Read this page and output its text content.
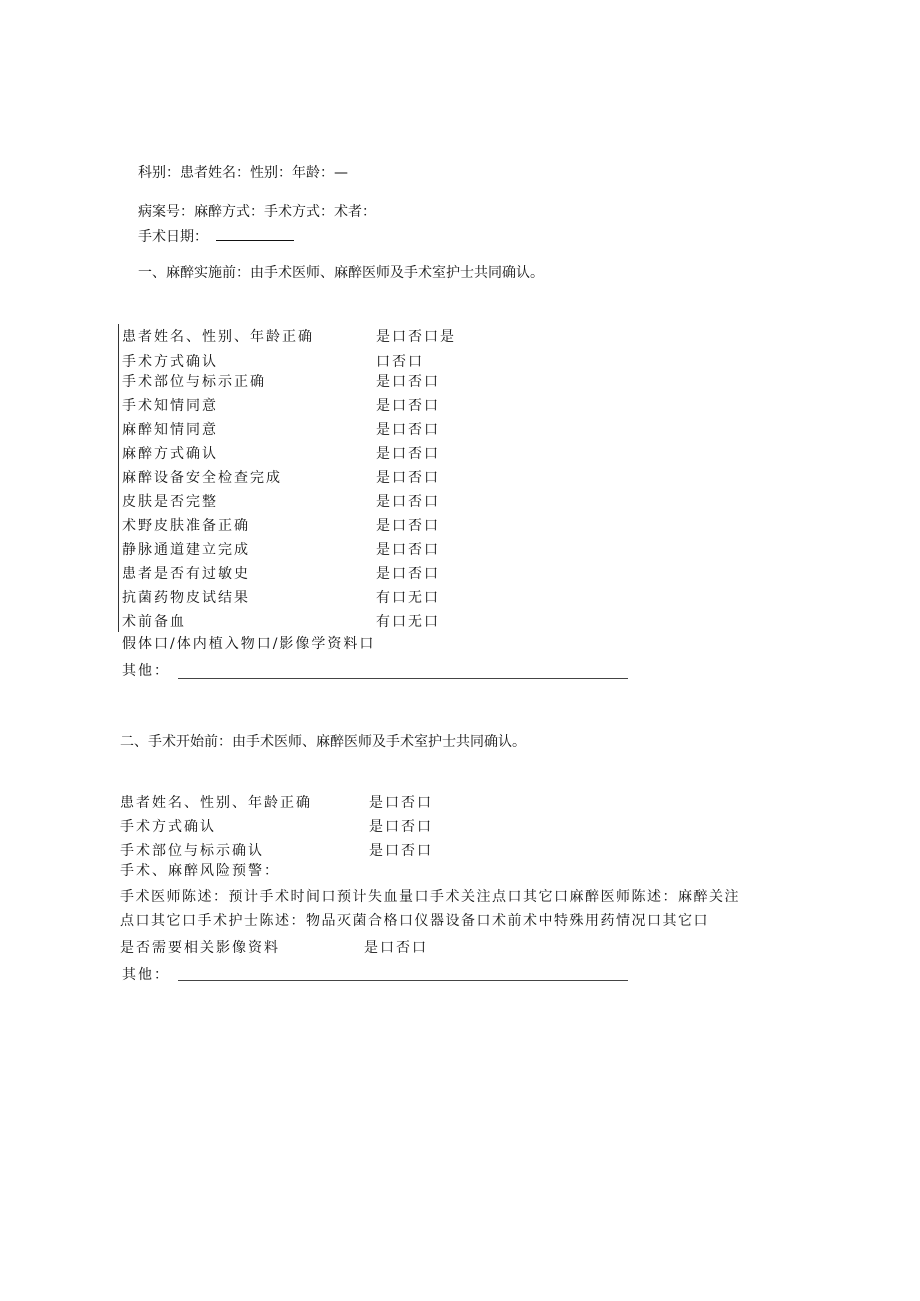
科别：患者姓名：性别：年龄：—
病案号：麻醉方式：手术方式：术者：
手术日期：
一、麻醉实施前：由手术医师、麻醉医师及手术室护士共同确认。
患者姓名、性别、年龄正确	是口否口是
手术方式确认	口否口
手术部位与标示正确	是口否口
手术知情同意	是口否口
麻醉知情同意	是口否口
麻醉方式确认	是口否口
麻醉设备安全检查完成	是口否口
皮肤是否完整	是口否口
术野皮肤准备正确	是口否口
静脉通道建立完成	是口否口
患者是否有过敏史	是口否口
抗菌药物皮试结果	有口无口
术前备血	有口无口
假体口/体内植入物口/影像学资料口
其他：
二、手术开始前：由手术医师、麻醉医师及手术室护士共同确认。
患者姓名、性别、年龄正确	是口否口
手术方式确认	是口否口
手术部位与标示确认	是口否口
手术、麻醉风险预警：
手术医师陈述：预计手术时间口预计失血量口手术关注点口其它口麻醉医师陈述：麻醉关注
点口其它口手术护士陈述：物品灭菌合格口仪器设备口术前术中特殊用药情况口其它口
是否需要相关影像资料	是口否口
其他：
